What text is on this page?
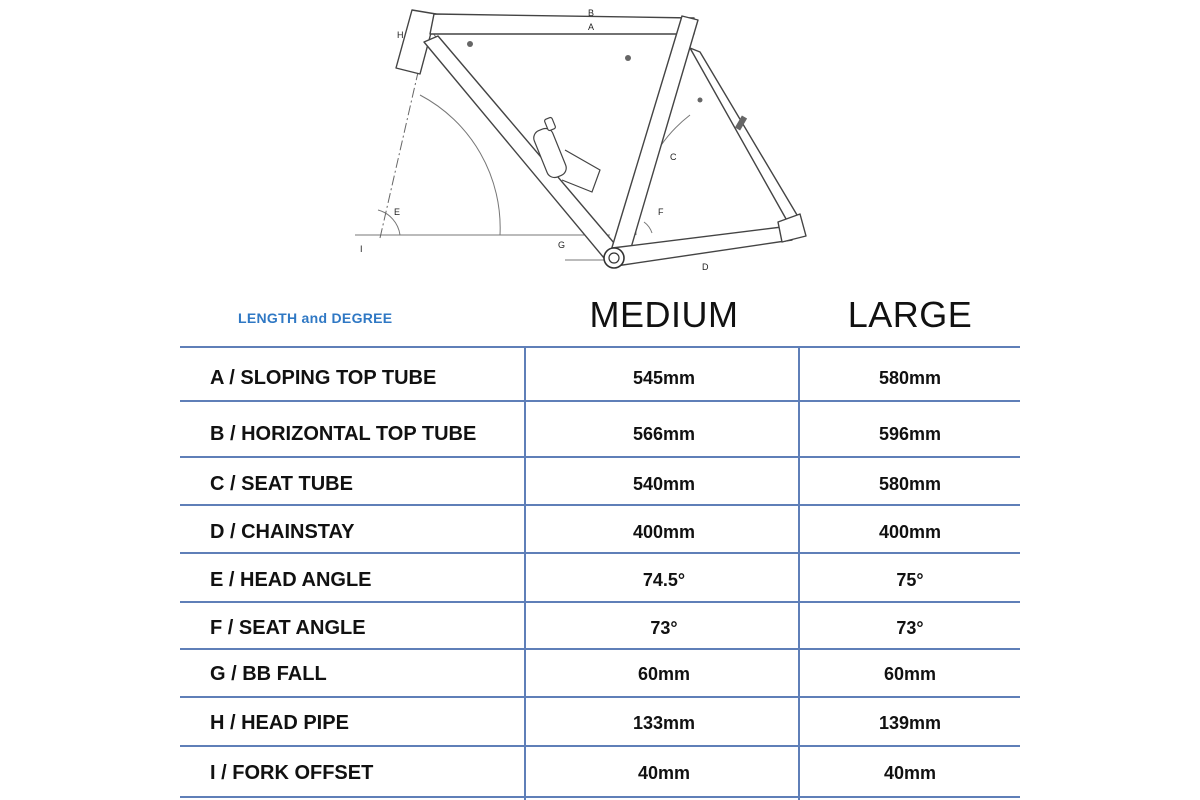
B
A
H
C
F
E
G
D
I
LENGTH and DEGREE	MEDIUM	LARGE
A / SLOPING TOP TUBE	545mm	580mm
B / HORIZONTAL TOP TUBE	566mm	596mm
C / SEAT TUBE	540mm	580mm
D / CHAINSTAY	400mm	400mm
E / HEAD ANGLE	74.5°	75°
F / SEAT ANGLE	73°	73°
G / BB FALL	60mm	60mm
H / HEAD PIPE	133mm	139mm
I / FORK OFFSET	40mm	40mm
